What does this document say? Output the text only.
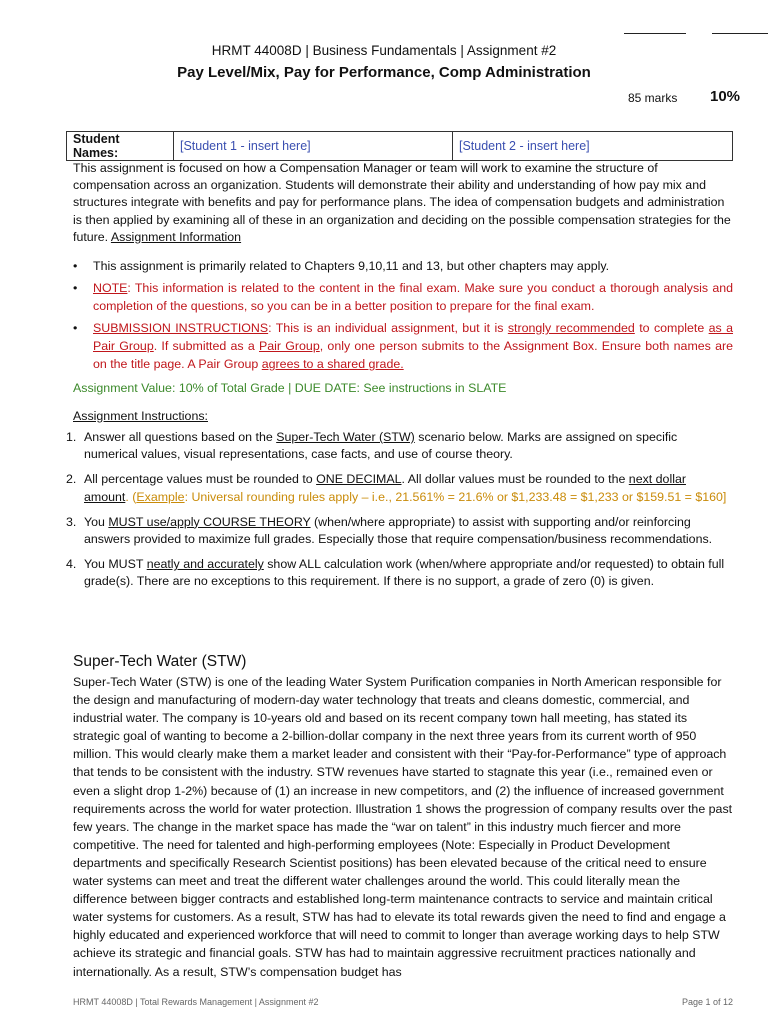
HRMT 44008D | Business Fundamentals | Assignment #2
Pay Level/Mix, Pay for Performance, Comp Administration
85 marks 10%
Student Names:	[Student 1 - insert here]	[Student 2 - insert here]
This assignment is focused on how a Compensation Manager or team will work to examine the structure of compensation across an organization. Students will demonstrate their ability and understanding of how pay mix and structures integrate with benefits and pay for performance plans. The idea of compensation budgets and administration is then applied by examining all of these in an organization and deciding on the possible compensation strategies for the future. Assignment Information
• This assignment is primarily related to Chapters 9,10,11 and 13, but other chapters may apply.
• NOTE: This information is related to the content in the final exam. Make sure you conduct a thorough analysis and completion of the questions, so you can be in a better position to prepare for the final exam.
• SUBMISSION INSTRUCTIONS: This is an individual assignment, but it is strongly recommended to complete as a Pair Group. If submitted as a Pair Group, only one person submits to the Assignment Box. Ensure both names are on the title page. A Pair Group agrees to a shared grade.
Assignment Value: 10% of Total Grade | DUE DATE: See instructions in SLATE
Assignment Instructions:
1. Answer all questions based on the Super-Tech Water (STW) scenario below. Marks are assigned on specific numerical values, visual representations, case facts, and use of course theory.
2. All percentage values must be rounded to ONE DECIMAL. All dollar values must be rounded to the next dollar amount. (Example: Universal rounding rules apply – i.e., 21.561% = 21.6% or $1,233.48 = $1,233 or $159.51 = $160]
3. You MUST use/apply COURSE THEORY (when/where appropriate) to assist with supporting and/or reinforcing answers provided to maximize full grades. Especially those that require compensation/business recommendations.
4. You MUST neatly and accurately show ALL calculation work (when/where appropriate and/or requested) to obtain full grade(s). There are no exceptions to this requirement. If there is no support, a grade of zero (0) is given.
Super-Tech Water (STW)
Super-Tech Water (STW) is one of the leading Water System Purification companies in North American responsible for the design and manufacturing of modern-day water technology that treats and cleans domestic, commercial, and industrial water. The company is 10-years old and based on its recent company town hall meeting, has stated its strategic goal of wanting to become a 2-billion-dollar company in the next three years from its current worth of 950 million. This would clearly make them a market leader and consistent with their “Pay-for-Performance” type of approach that tends to be consistent with the industry. STW revenues have started to stagnate this year (i.e., remained even or even a slight drop 1-2%) because of (1) an increase in new competitors, and (2) the influence of increased government requirements across the world for water protection. Illustration 1 shows the progression of company results over the past few years. The change in the market space has made the “war on talent” in this industry much fiercer and more competitive. The need for talented and high-performing employees (Note: Especially in Product Development departments and specifically Research Scientist positions) has been elevated because of the critical need to ensure water systems can meet and treat the different water challenges around the world. This could literally mean the difference between bigger contracts and established long-term maintenance contracts to service and maintain critical water systems for customers. As a result, STW has had to elevate its total rewards given the need to find and engage a highly educated and experienced workforce that will need to commit to longer than average working days to help STW achieve its strategic and financial goals. STW has had to maintain aggressive recruitment practices nationally and internationally. As a result, STW’s compensation budget has
HRMT 44008D | Total Rewards Management | Assignment #2	Page 1 of 12
